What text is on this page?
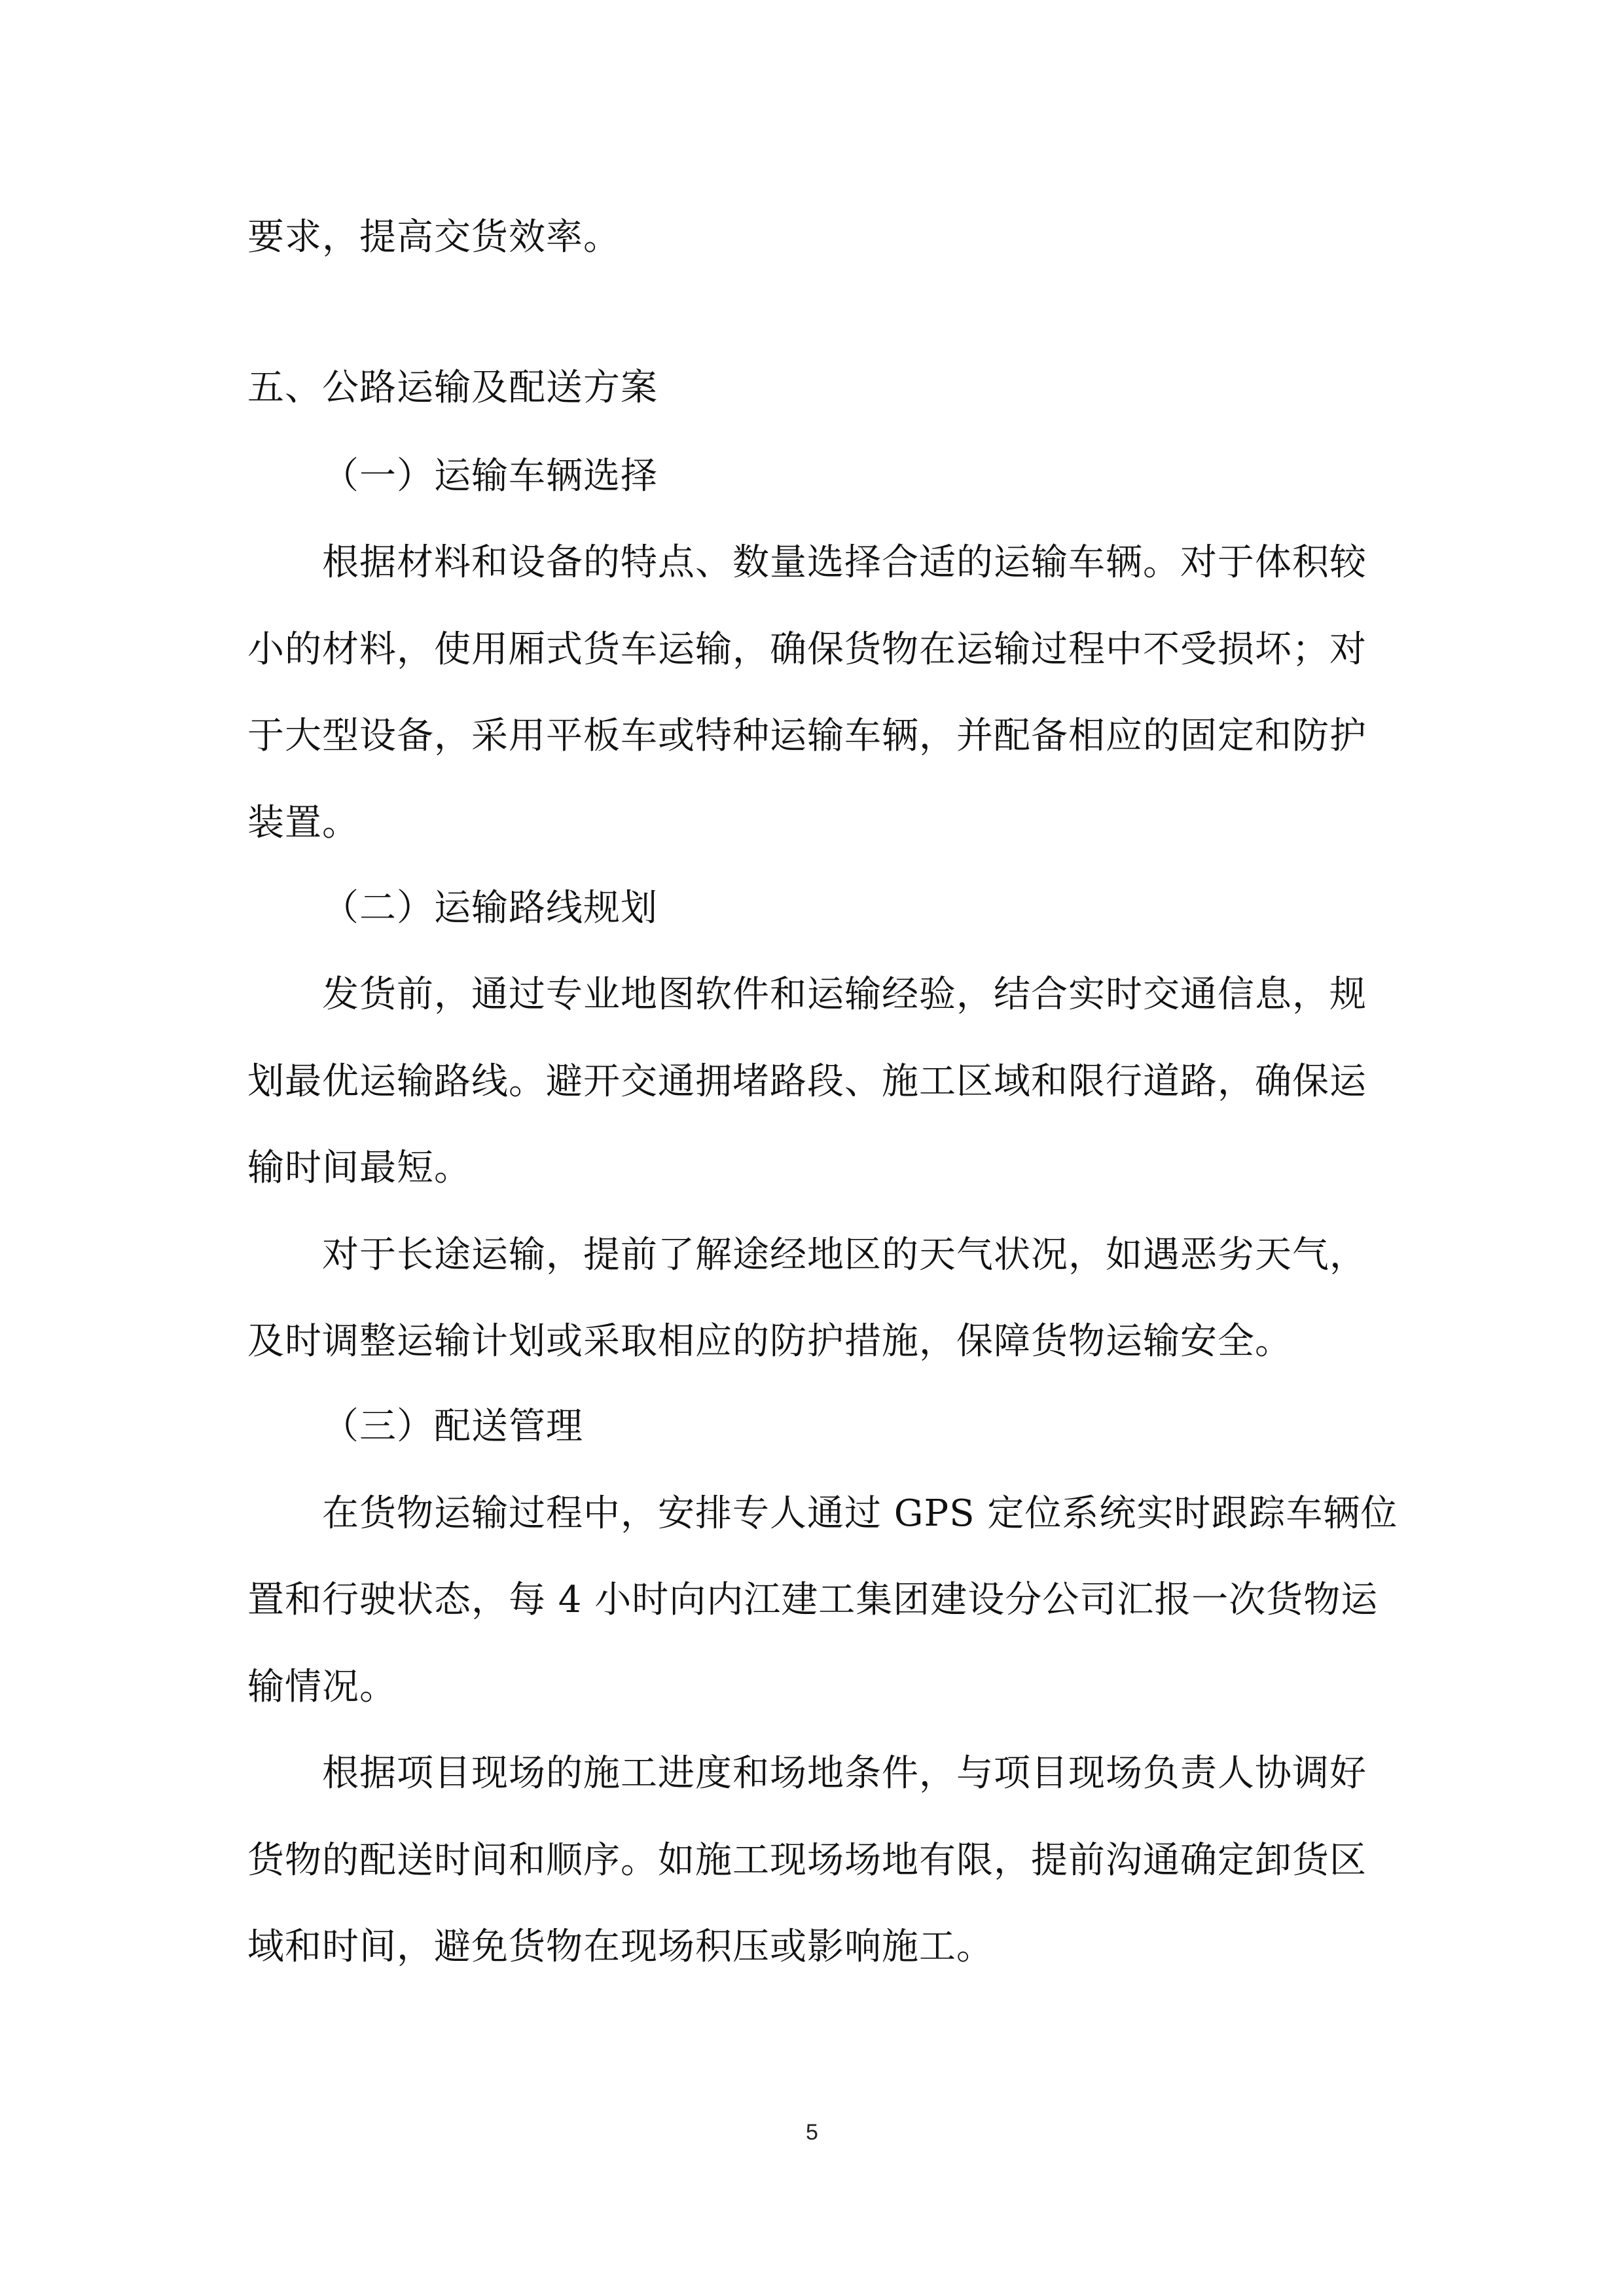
要求，提高交货效率。
五、公路运输及配送方案
（一）运输车辆选择
根据材料和设备的特点、数量选择合适的运输车辆。对于体积较
小的材料，使用厢式货车运输，确保货物在运输过程中不受损坏；对
于大型设备，采用平板车或特种运输车辆，并配备相应的固定和防护
装置。
（二）运输路线规划
发货前，通过专业地图软件和运输经验，结合实时交通信息，规
划最优运输路线。避开交通拥堵路段、施工区域和限行道路，确保运
输时间最短。
对于长途运输，提前了解途经地区的天气状况，如遇恶劣天气，
及时调整运输计划或采取相应的防护措施，保障货物运输安全。
（三）配送管理
在货物运输过程中，安排专人通过 GPS 定位系统实时跟踪车辆位
置和行驶状态，每 4 小时向内江建工集团建设分公司汇报一次货物运
输情况。
根据项目现场的施工进度和场地条件，与项目现场负责人协调好
货物的配送时间和顺序。如施工现场场地有限，提前沟通确定卸货区
域和时间，避免货物在现场积压或影响施工。
5
